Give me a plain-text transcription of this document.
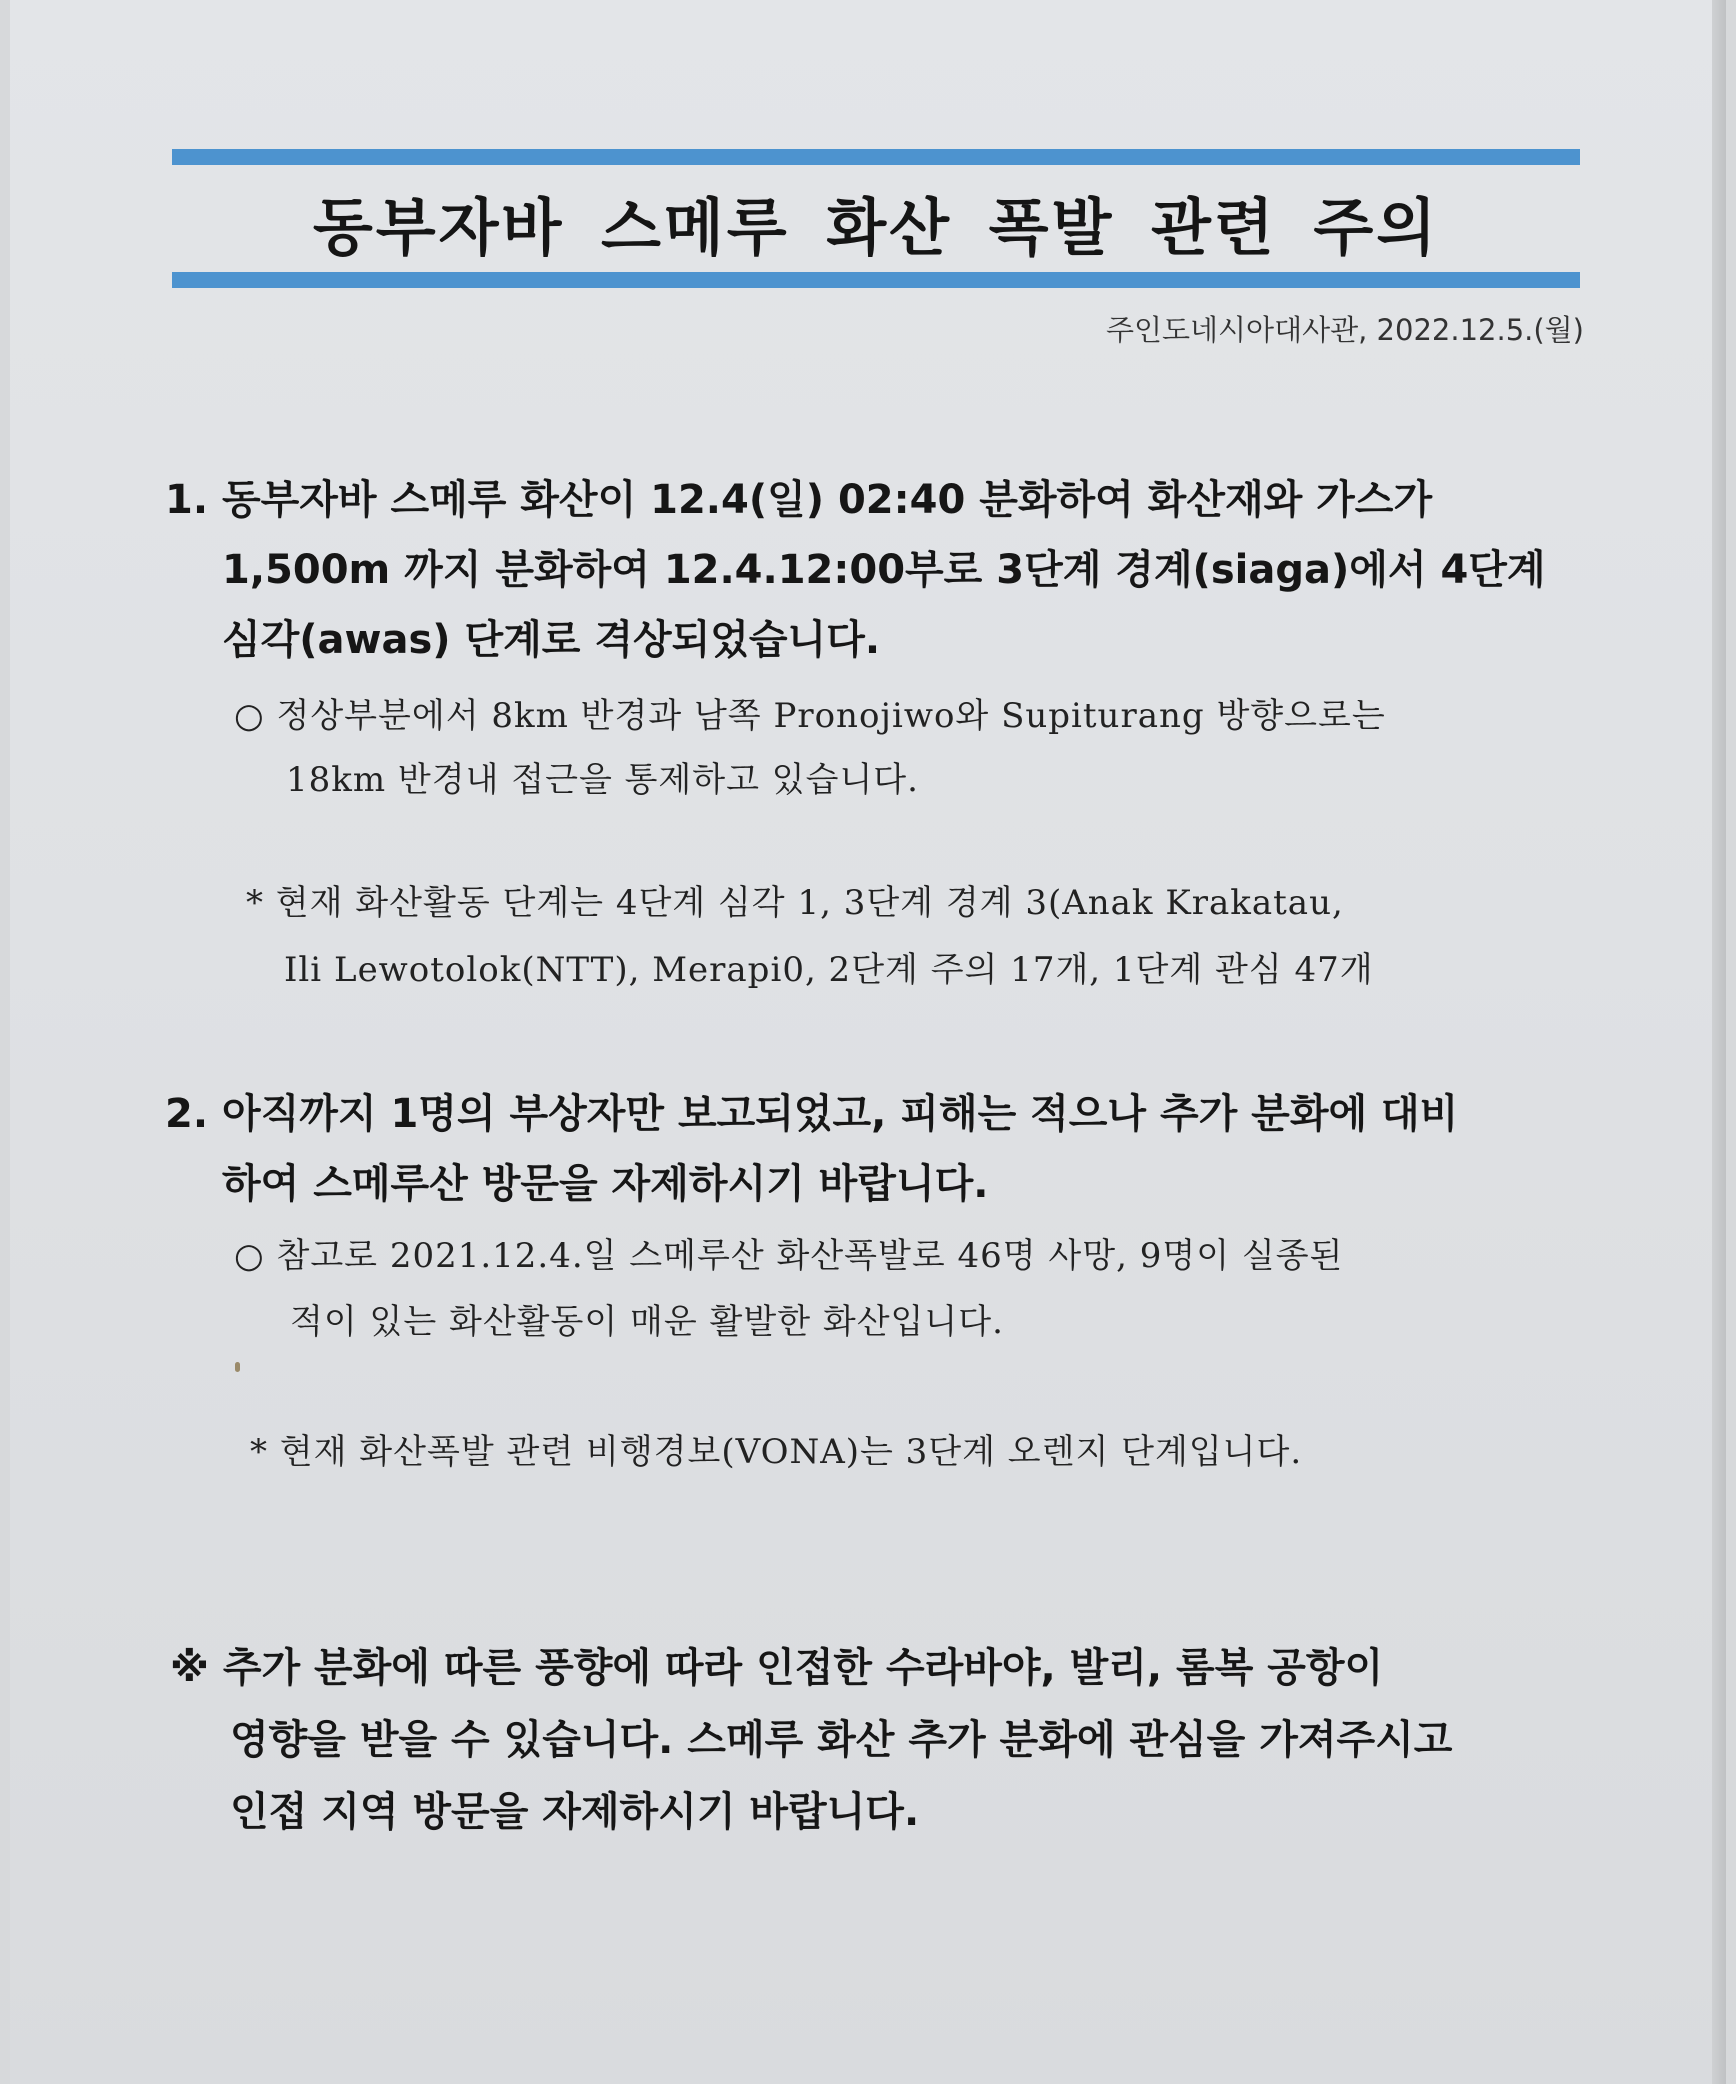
동부자바 스메루 화산 폭발 관련 주의
주인도네시아대사관, 2022.12.5.(월)
1. 동부자바 스메루 화산이 12.4(일) 02:40 분화하여 화산재와 가스가
1,500m 까지 분화하여 12.4.12:00부로 3단계 경계(siaga)에서 4단계
심각(awas) 단계로 격상되었습니다.
○ 정상부분에서 8km 반경과 남쪽 Pronojiwo와 Supiturang 방향으로는
18km 반경내 접근을 통제하고 있습니다.
* 현재 화산활동 단계는 4단계 심각 1, 3단계 경계 3(Anak Krakatau,
Ili Lewotolok(NTT), Merapi0, 2단계 주의 17개, 1단계 관심 47개
2. 아직까지 1명의 부상자만 보고되었고, 피해는 적으나 추가 분화에 대비
하여 스메루산 방문을 자제하시기 바랍니다.
○ 참고로 2021.12.4.일 스메루산 화산폭발로 46명 사망, 9명이 실종된
적이 있는 화산활동이 매운 활발한 화산입니다.
* 현재 화산폭발 관련 비행경보(VONA)는 3단계 오렌지 단계입니다.
※ 추가 분화에 따른 풍향에 따라 인접한 수라바야, 발리, 롬복 공항이
영향을 받을 수 있습니다. 스메루 화산 추가 분화에 관심을 가져주시고
인접 지역 방문을 자제하시기 바랍니다.
